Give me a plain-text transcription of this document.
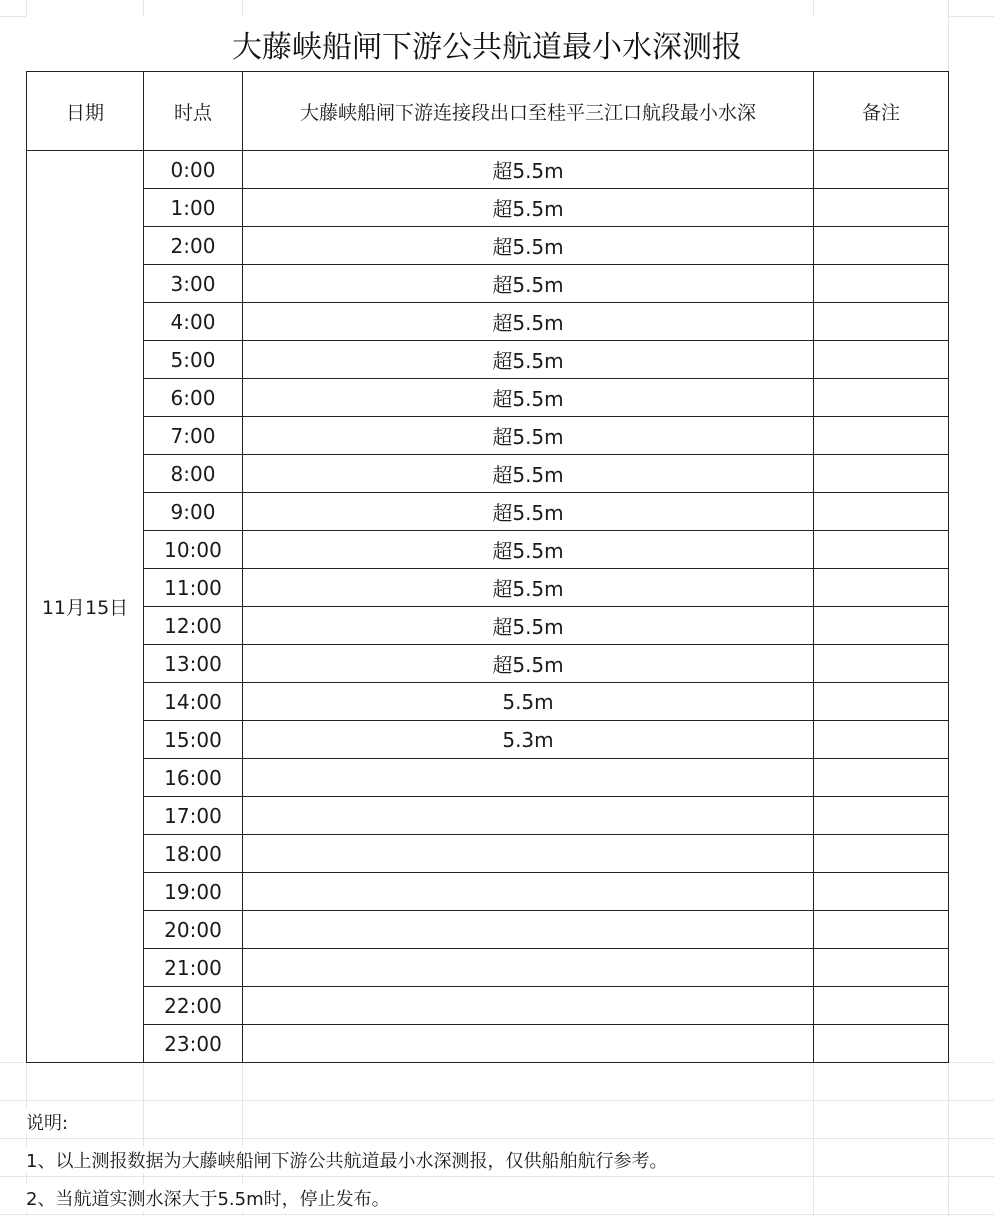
大藤峡船闸下游公共航道最小水深测报
日期	时点	大藤峡船闸下游连接段出口至桂平三江口航段最小水深	备注
11月15日	0:00	超5.5m	
	1:00	超5.5m	
	2:00	超5.5m	
	3:00	超5.5m	
	4:00	超5.5m	
	5:00	超5.5m	
	6:00	超5.5m	
	7:00	超5.5m	
	8:00	超5.5m	
	9:00	超5.5m	
	10:00	超5.5m	
	11:00	超5.5m	
	12:00	超5.5m	
	13:00	超5.5m	
	14:00	5.5m	
	15:00	5.3m	
	16:00		
	17:00		
	18:00		
	19:00		
	20:00		
	21:00		
	22:00		
	23:00		
说明:
1、以上测报数据为大藤峡船闸下游公共航道最小水深测报，仅供船舶航行参考。
2、当航道实测水深大于5.5m时，停止发布。
